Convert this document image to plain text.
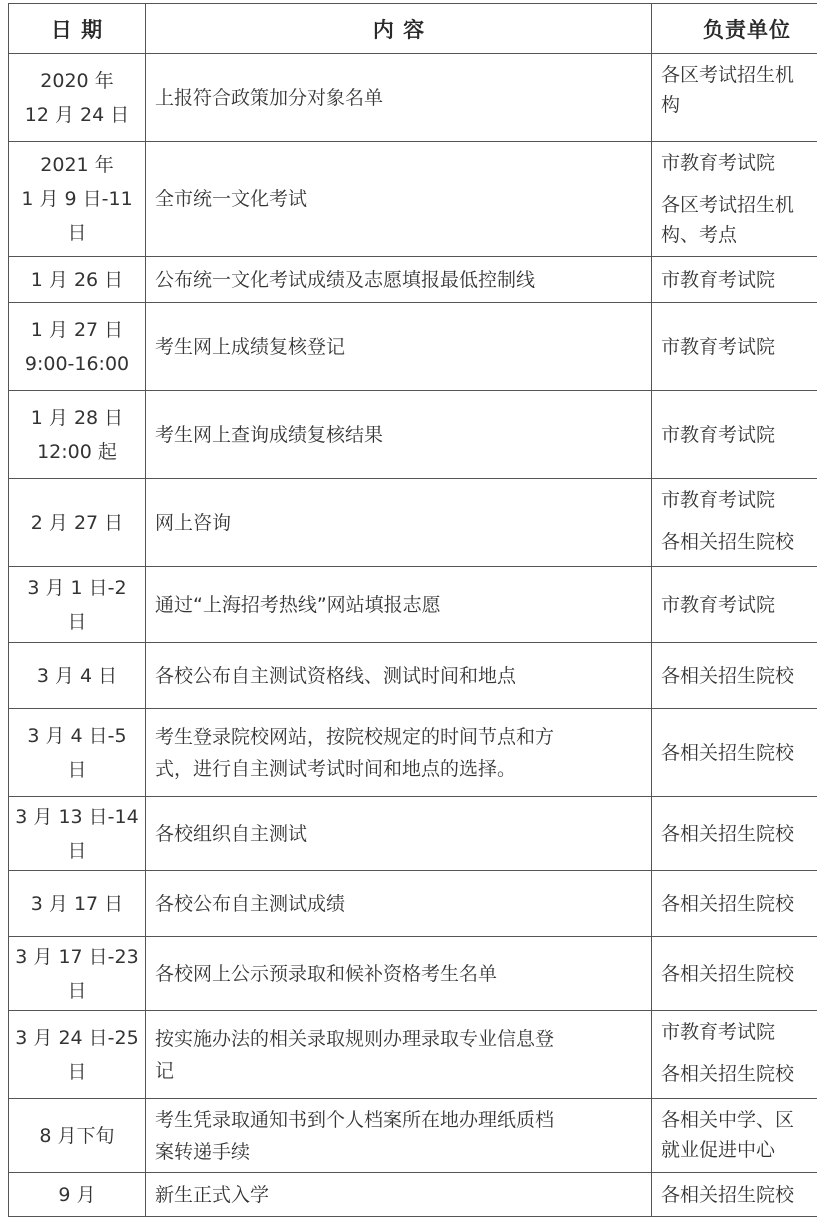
日 期	内 容	负责单位

2020 年
12 月 24 日	上报符合政策加分对象名单	各区考试招生机
构

2021 年
1 月 9 日-11
日	全市统一文化考试	市教育考试院
各区考试招生机
构、考点

1 月 26 日	公布统一文化考试成绩及志愿填报最低控制线	市教育考试院

1 月 27 日
9:00-16:00	考生网上成绩复核登记	市教育考试院

1 月 28 日
12:00 起	考生网上查询成绩复核结果	市教育考试院

2 月 27 日	网上咨询	市教育考试院
各相关招生院校

3 月 1 日-2
日	通过“上海招考热线”网站填报志愿	市教育考试院

3 月 4 日	各校公布自主测试资格线、测试时间和地点	各相关招生院校

3 月 4 日-5
日	考生登录院校网站，按院校规定的时间节点和方
式，进行自主测试考试时间和地点的选择。	各相关招生院校

3 月 13 日-14
日	各校组织自主测试	各相关招生院校

3 月 17 日	各校公布自主测试成绩	各相关招生院校

3 月 17 日-23
日	各校网上公示预录取和候补资格考生名单	各相关招生院校

3 月 24 日-25
日	按实施办法的相关录取规则办理录取专业信息登
记	市教育考试院
各相关招生院校

8 月下旬	考生凭录取通知书到个人档案所在地办理纸质档
案转递手续	各相关中学、区
就业促进中心

9 月	新生正式入学	各相关招生院校
